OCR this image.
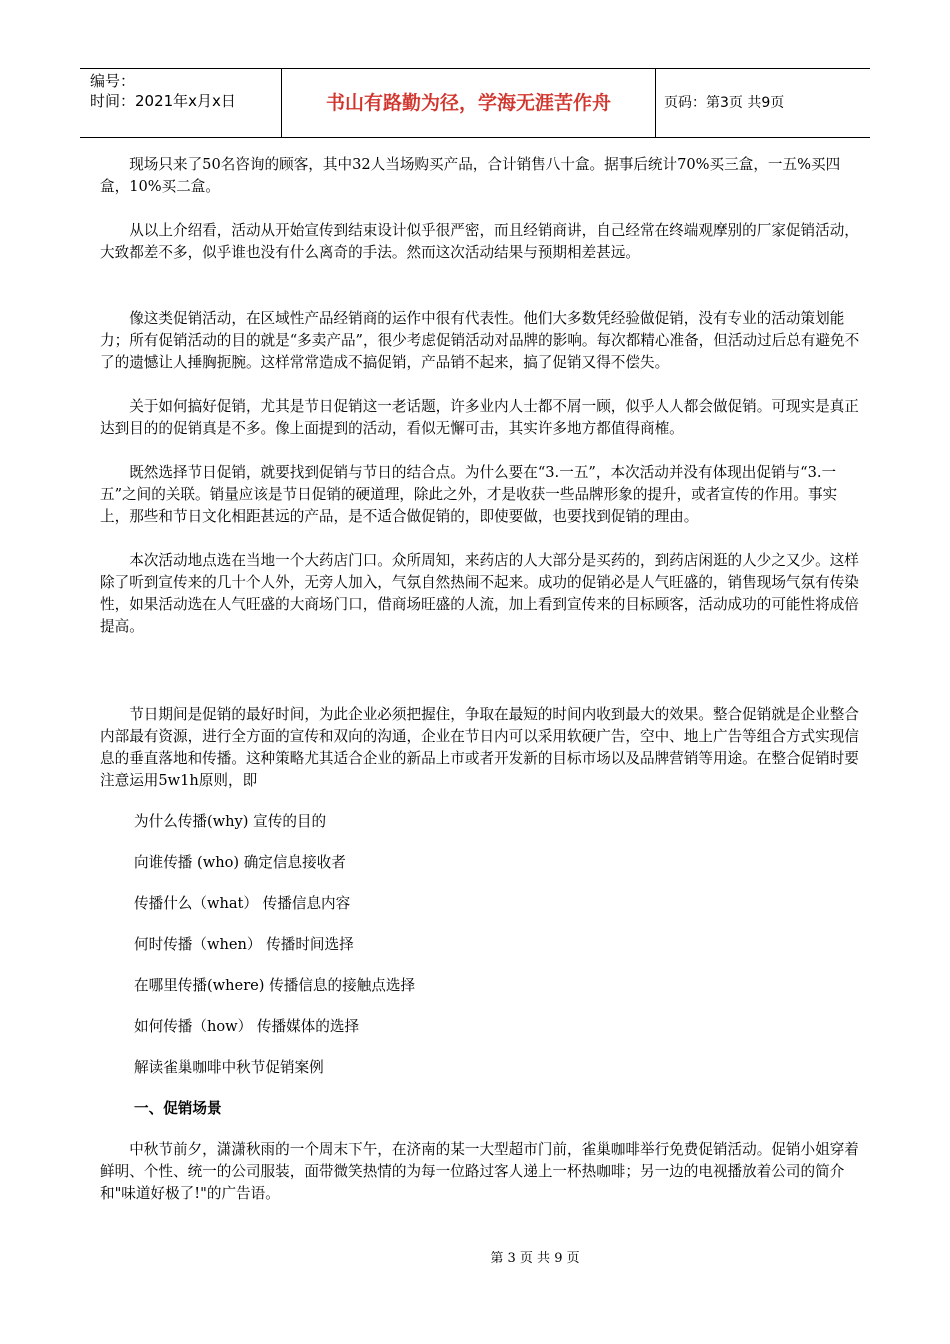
编号：
时间：2021年x月x日	书山有路勤为径，学海无涯苦作舟	页码：第3页 共9页

现场只来了50名咨询的顾客，其中32人当场购买产品，合计销售八十盒。据事后统计70%买三盒，一五%买四盒，10%买二盒。

从以上介绍看，活动从开始宣传到结束设计似乎很严密，而且经销商讲，自己经常在终端观摩别的厂家促销活动，大致都差不多，似乎谁也没有什么离奇的手法。然而这次活动结果与预期相差甚远。

像这类促销活动，在区域性产品经销商的运作中很有代表性。他们大多数凭经验做促销，没有专业的活动策划能力；所有促销活动的目的就是“多卖产品”，很少考虑促销活动对品牌的影响。每次都精心准备，但活动过后总有避免不了的遗憾让人捶胸扼腕。这样常常造成不搞促销，产品销不起来，搞了促销又得不偿失。

关于如何搞好促销，尤其是节日促销这一老话题，许多业内人士都不屑一顾，似乎人人都会做促销。可现实是真正达到目的的促销真是不多。像上面提到的活动，看似无懈可击，其实许多地方都值得商榷。

既然选择节日促销，就要找到促销与节日的结合点。为什么要在“3.一五”，本次活动并没有体现出促销与“3.一五”之间的关联。销量应该是节日促销的硬道理，除此之外，才是收获一些品牌形象的提升，或者宣传的作用。事实上，那些和节日文化相距甚远的产品，是不适合做促销的，即使要做，也要找到促销的理由。

本次活动地点选在当地一个大药店门口。众所周知，来药店的人大部分是买药的，到药店闲逛的人少之又少。这样除了听到宣传来的几十个人外，无旁人加入，气氛自然热闹不起来。成功的促销必是人气旺盛的，销售现场气氛有传染性，如果活动选在人气旺盛的大商场门口，借商场旺盛的人流，加上看到宣传来的目标顾客，活动成功的可能性将成倍提高。

节日期间是促销的最好时间，为此企业必须把握住，争取在最短的时间内收到最大的效果。整合促销就是企业整合内部最有资源，进行全方面的宣传和双向的沟通，企业在节日内可以采用软硬广告，空中、地上广告等组合方式实现信息的垂直落地和传播。这种策略尤其适合企业的新品上市或者开发新的目标市场以及品牌营销等用途。在整合促销时要注意运用5w1h原则，即

为什么传播(why) 宣传的目的

向谁传播 (who) 确定信息接收者

传播什么（what） 传播信息内容

何时传播（when） 传播时间选择

在哪里传播(where) 传播信息的接触点选择

如何传播（how） 传播媒体的选择

解读雀巢咖啡中秋节促销案例

一、促销场景

中秋节前夕，潇潇秋雨的一个周末下午，在济南的某一大型超市门前，雀巢咖啡举行免费促销活动。促销小姐穿着鲜明、个性、统一的公司服装，面带微笑热情的为每一位路过客人递上一杯热咖啡；另一边的电视播放着公司的简介和"味道好极了!"的广告语。

第 3 页 共 9 页
